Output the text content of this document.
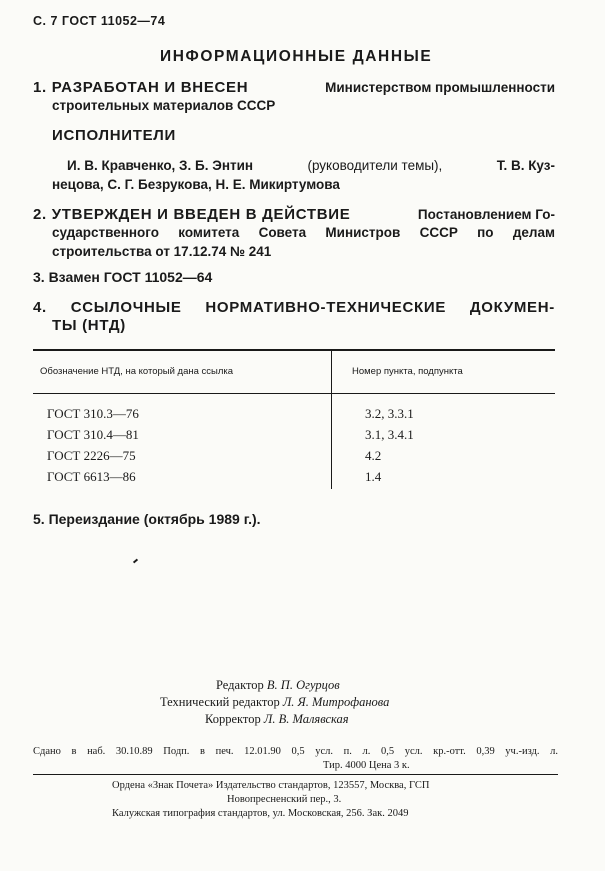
С. 7 ГОСТ 11052—74
ИНФОРМАЦИОННЫЕ ДАННЫЕ
1. РАЗРАБОТАН И ВНЕСЕН	Министерством промышленности
строительных материалов СССР
ИСПОЛНИТЕЛИ
И. В. Кравченко, З. Б. Энтин	(руководители темы),	Т. В. Куз-
нецова, С. Г. Безрукова, Н. Е. Микиртумова
2. УТВЕРЖДЕН И ВВЕДЕН В ДЕЙСТВИЕ	Постановлением Го-
сударственного комитета Совета Министров СССР по делам
строительства от 17.12.74 № 241
3. Взамен ГОСТ 11052—64
4. ССЫЛОЧНЫЕ НОРМАТИВНО-ТЕХНИЧЕСКИЕ ДОКУМЕН-
ТЫ (НТД)
Обозначение НТД, на который дана ссылка	Номер пункта, подпункта
ГОСТ 310.3—76	3.2, 3.3.1
ГОСТ 310.4—81	3.1, 3.4.1
ГОСТ 2226—75	4.2
ГОСТ 6613—86	1.4
5. Переиздание (октябрь 1989 г.).
Редактор В. П. Огурцов
Технический редактор Л. Я. Митрофанова
Корректор Л. В. Малявская
Сдано в наб. 30.10.89 Подп. в печ. 12.01.90 0,5 усл. п. л. 0,5 усл. кр.-отт. 0,39 уч.-изд. л.
Тир. 4000 Цена 3 к.
Ордена «Знак Почета» Издательство стандартов, 123557, Москва, ГСП
Новопресненский пер., 3.
Калужская типография стандартов, ул. Московская, 256. Зак. 2049
